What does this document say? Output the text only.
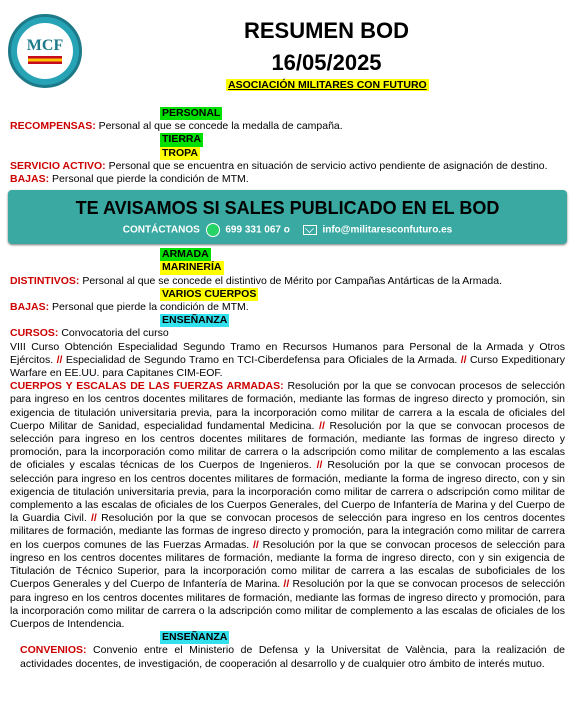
MCF
RESUMEN BOD
16/05/2025
ASOCIACIÓN MILITARES CON FUTURO
PERSONAL
RECOMPENSAS: Personal al que se concede la medalla de campaña.
TIERRA
TROPA
SERVICIO ACTIVO: Personal que se encuentra en situación de servicio activo pendiente de asignación de destino.
BAJAS: Personal que pierde la condición de MTM.
TE AVISAMOS SI SALES PUBLICADO EN EL BOD
CONTÁCTANOS	699 331 067 o	info@militaresconfuturo.es
ARMADA
MARINERÍA
DISTINTIVOS: Personal al que se concede el distintivo de Mérito por Campañas Antárticas de la Armada.
VARIOS CUERPOS
BAJAS: Personal que pierde la condición de MTM.
ENSEÑANZA
CURSOS: Convocatoria del curso
VIII Curso Obtención Especialidad Segundo Tramo en Recursos Humanos para Personal de la Armada y Otros Ejércitos. // Especialidad de Segundo Tramo en TCI-Ciberdefensa para Oficiales de la Armada. // Curso Expeditionary Warfare en EE.UU. para Capitanes CIM-EOF.
CUERPOS Y ESCALAS DE LAS FUERZAS ARMADAS: Resolución por la que se convocan procesos de selección para ingreso en los centros docentes militares de formación, mediante las formas de ingreso directo y promoción, sin exigencia de titulación universitaria previa, para la incorporación como militar de carrera a la escala de oficiales del Cuerpo Militar de Sanidad, especialidad fundamental Medicina. // Resolución por la que se convocan procesos de selección para ingreso en los centros docentes militares de formación, mediante las formas de ingreso directo y promoción, para la incorporación como militar de carrera o la adscripción como militar de complemento a las escalas de oficiales y escalas técnicas de los Cuerpos de Ingenieros. // Resolución por la que se convocan procesos de selección para ingreso en los centros docentes militares de formación, mediante la forma de ingreso directo, con y sin exigencia de titulación universitaria previa, para la incorporación como militar de carrera o adscripción como militar de complemento a las escalas de oficiales de los Cuerpos Generales, del Cuerpo de Infantería de Marina y del Cuerpo de la Guardia Civil. // Resolución por la que se convocan procesos de selección para ingreso en los centros docentes militares de formación, mediante las formas de ingreso directo y promoción, para la integración como militar de carrera en los cuerpos comunes de las Fuerzas Armadas. // Resolución por la que se convocan procesos de selección para ingreso en los centros docentes militares de formación, mediante la forma de ingreso directo, con y sin exigencia de Titulación de Técnico Superior, para la incorporación como militar de carrera a las escalas de suboficiales de los Cuerpos Generales y del Cuerpo de Infantería de Marina. // Resolución por la que se convocan procesos de selección para ingreso en los centros docentes militares de formación, mediante las formas de ingreso directo y promoción, para la incorporación como militar de carrera o la adscripción como militar de complemento a las escalas de oficiales de los Cuerpos de Intendencia.
ENSEÑANZA
CONVENIOS: Convenio entre el Ministerio de Defensa y la Universitat de València, para la realización de actividades docentes, de investigación, de cooperación al desarrollo y de cualquier otro ámbito de interés mutuo.
